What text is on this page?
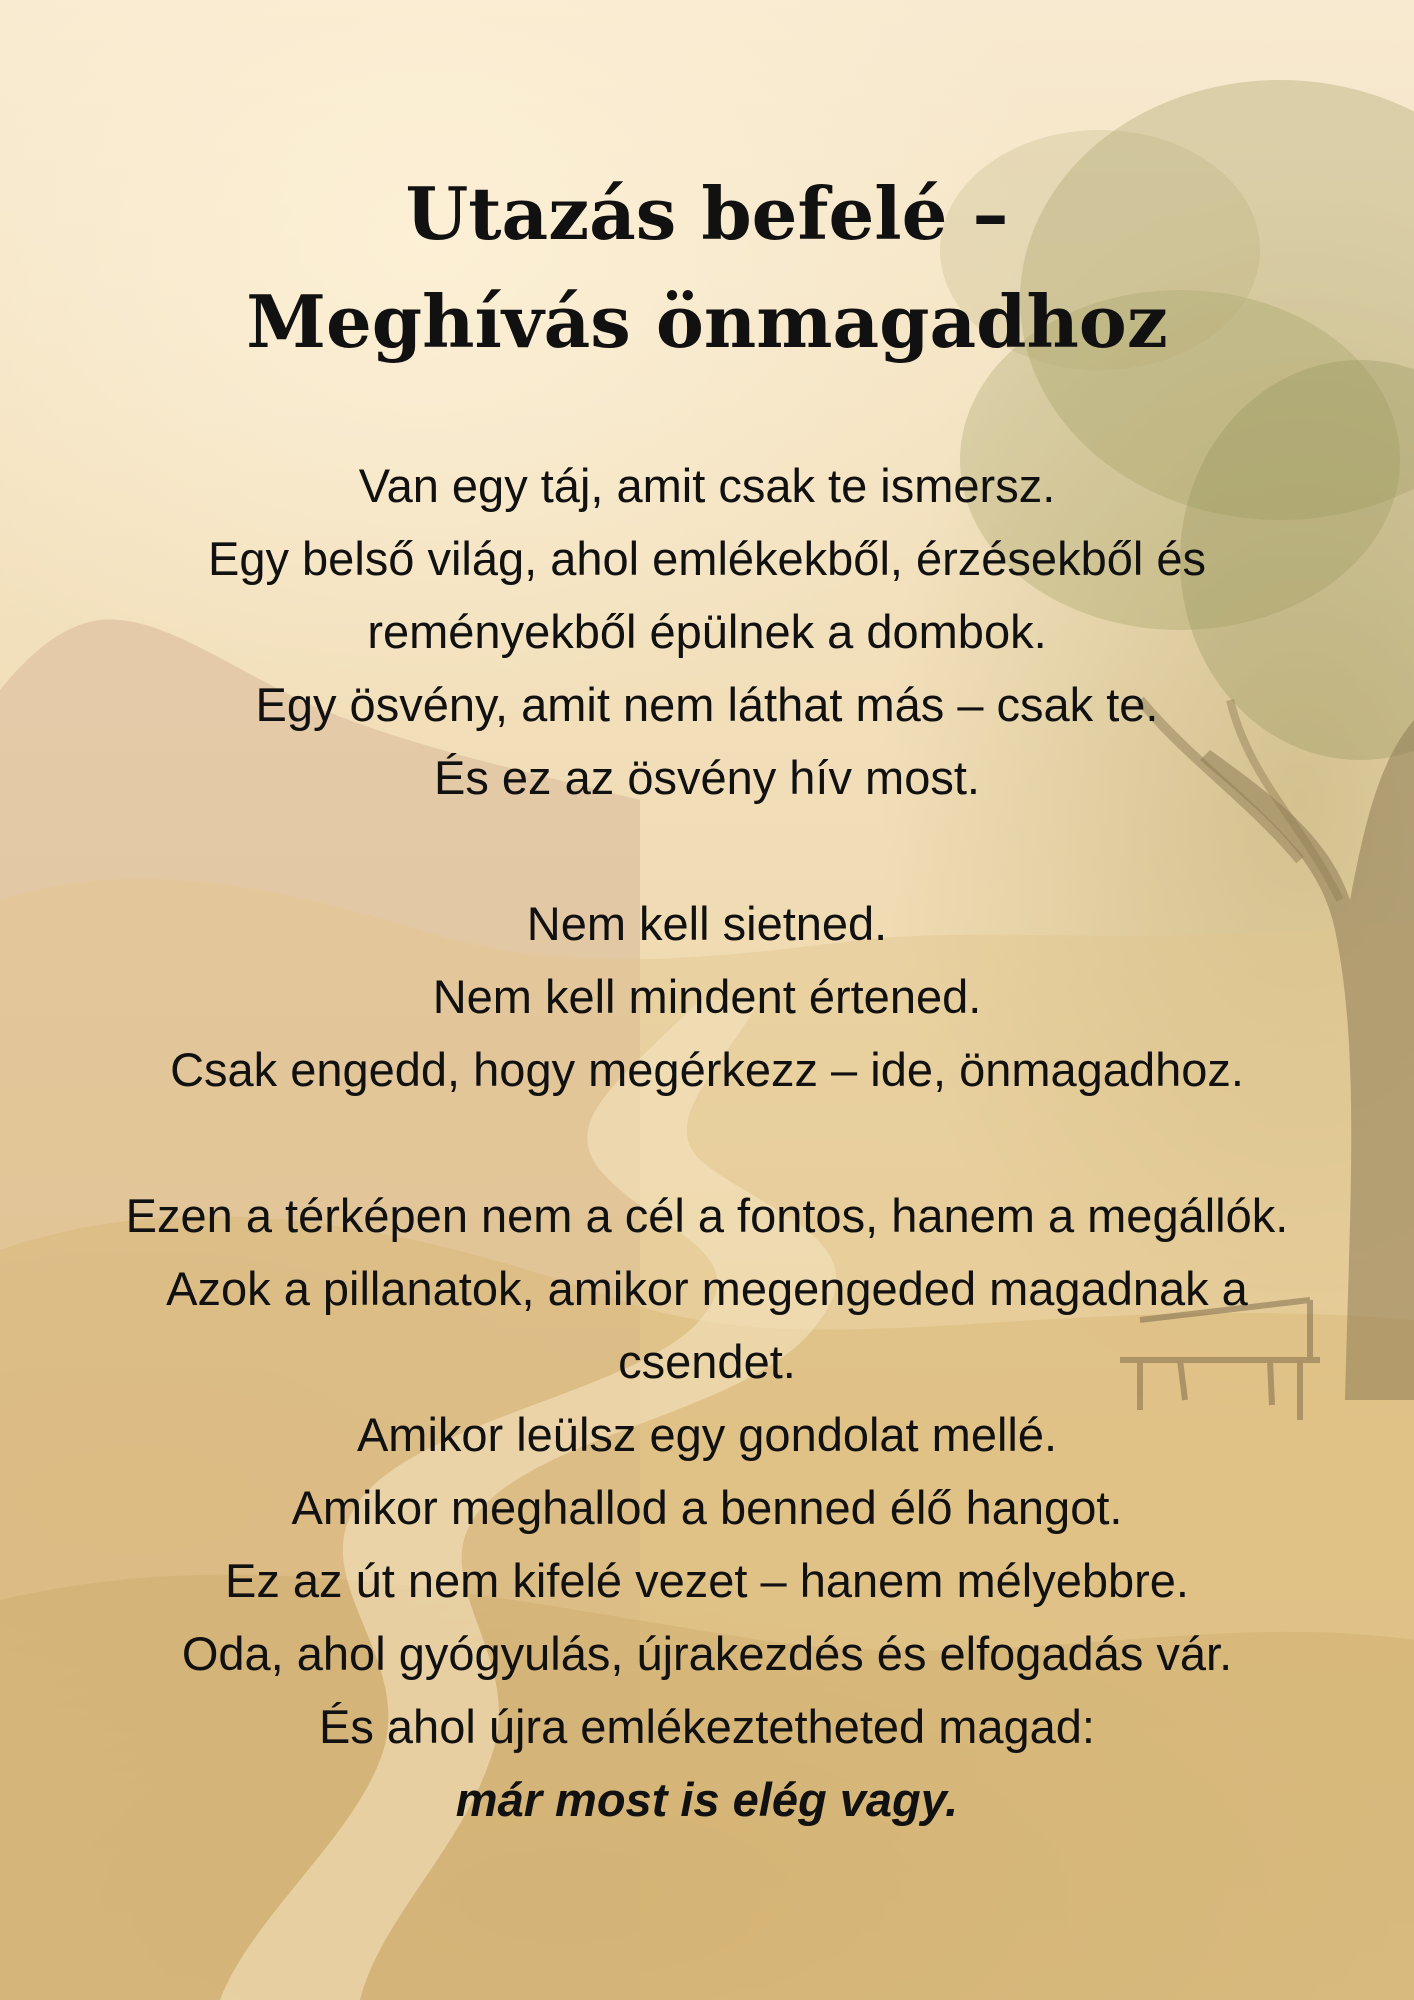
Utazás befelé –
Meghívás önmagadhoz
Van egy táj, amit csak te ismersz.
Egy belső világ, ahol emlékekből, érzésekből és
reményekből épülnek a dombok.
Egy ösvény, amit nem láthat más – csak te.
És ez az ösvény hív most.
Nem kell sietned.
Nem kell mindent értened.
Csak engedd, hogy megérkezz – ide, önmagadhoz.
Ezen a térképen nem a cél a fontos, hanem a megállók.
Azok a pillanatok, amikor megengeded magadnak a
csendet.
Amikor leülsz egy gondolat mellé.
Amikor meghallod a benned élő hangot.
Ez az út nem kifelé vezet – hanem mélyebbre.
Oda, ahol gyógyulás, újrakezdés és elfogadás vár.
És ahol újra emlékeztetheted magad:
már most is elég vagy.
